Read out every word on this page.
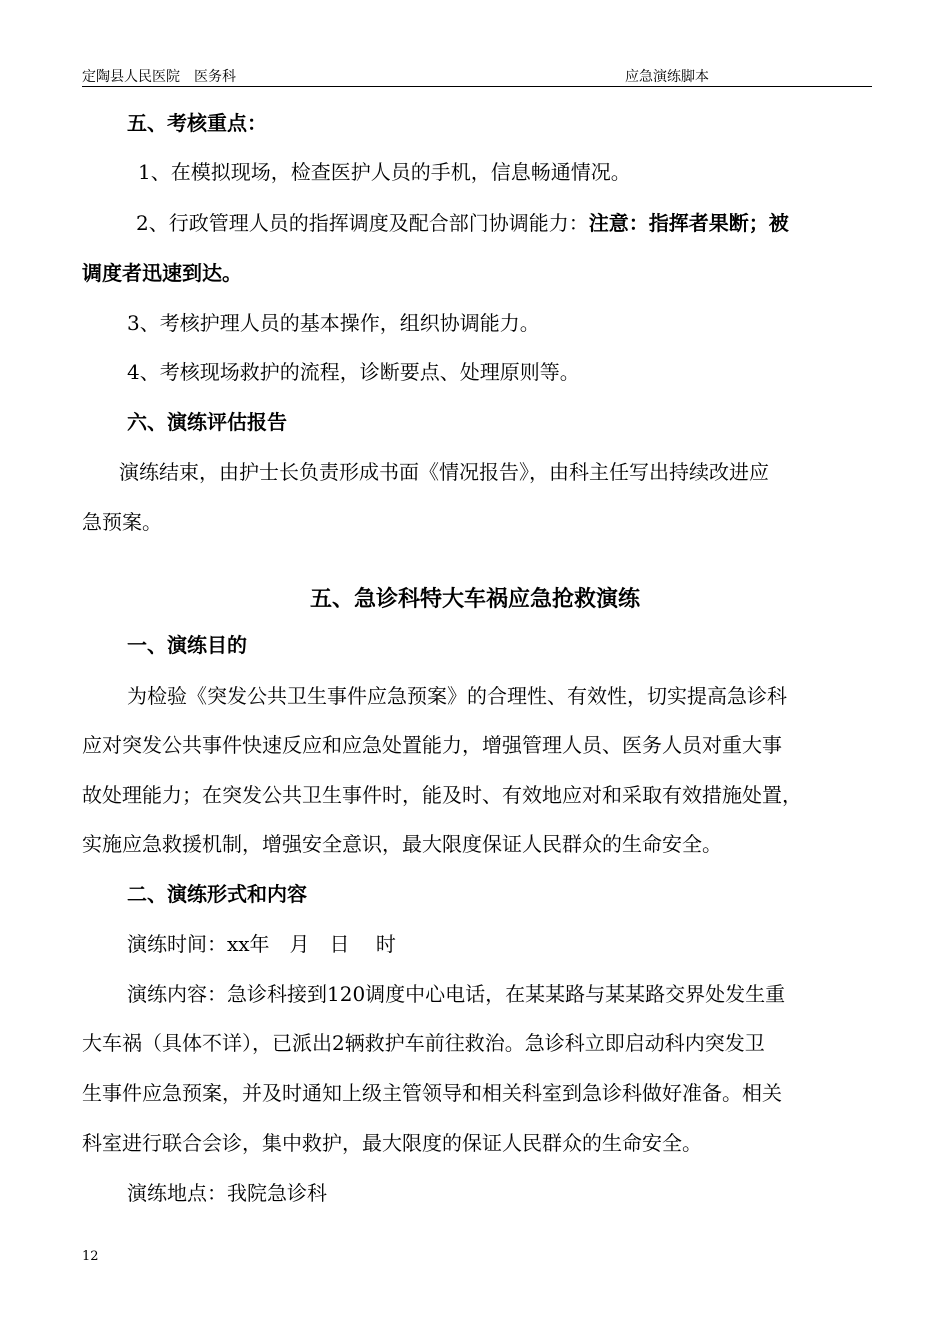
定陶县人民医院　医务科	应急演练脚本
五、考核重点：
1、在模拟现场，检查医护人员的手机，信息畅通情况。
2、行政管理人员的指挥调度及配合部门协调能力：注意：指挥者果断；被
调度者迅速到达。
3、考核护理人员的基本操作，组织协调能力。
4、考核现场救护的流程，诊断要点、处理原则等。
六、演练评估报告
演练结束，由护士长负责形成书面《情况报告》，由科主任写出持续改进应
急预案。
五、急诊科特大车祸应急抢救演练
一、演练目的
为检验《突发公共卫生事件应急预案》的合理性、有效性，切实提高急诊科
应对突发公共事件快速反应和应急处置能力，增强管理人员、医务人员对重大事
故处理能力；在突发公共卫生事件时，能及时、有效地应对和采取有效措施处置，
实施应急救援机制，增强安全意识，最大限度保证人民群众的生命安全。
二、演练形式和内容
演练时间：xx年　月　日　 时
演练内容：急诊科接到120调度中心电话，在某某路与某某路交界处发生重
大车祸（具体不详），已派出2辆救护车前往救治。急诊科立即启动科内突发卫
生事件应急预案，并及时通知上级主管领导和相关科室到急诊科做好准备。相关
科室进行联合会诊，集中救护，最大限度的保证人民群众的生命安全。
演练地点：我院急诊科
12
